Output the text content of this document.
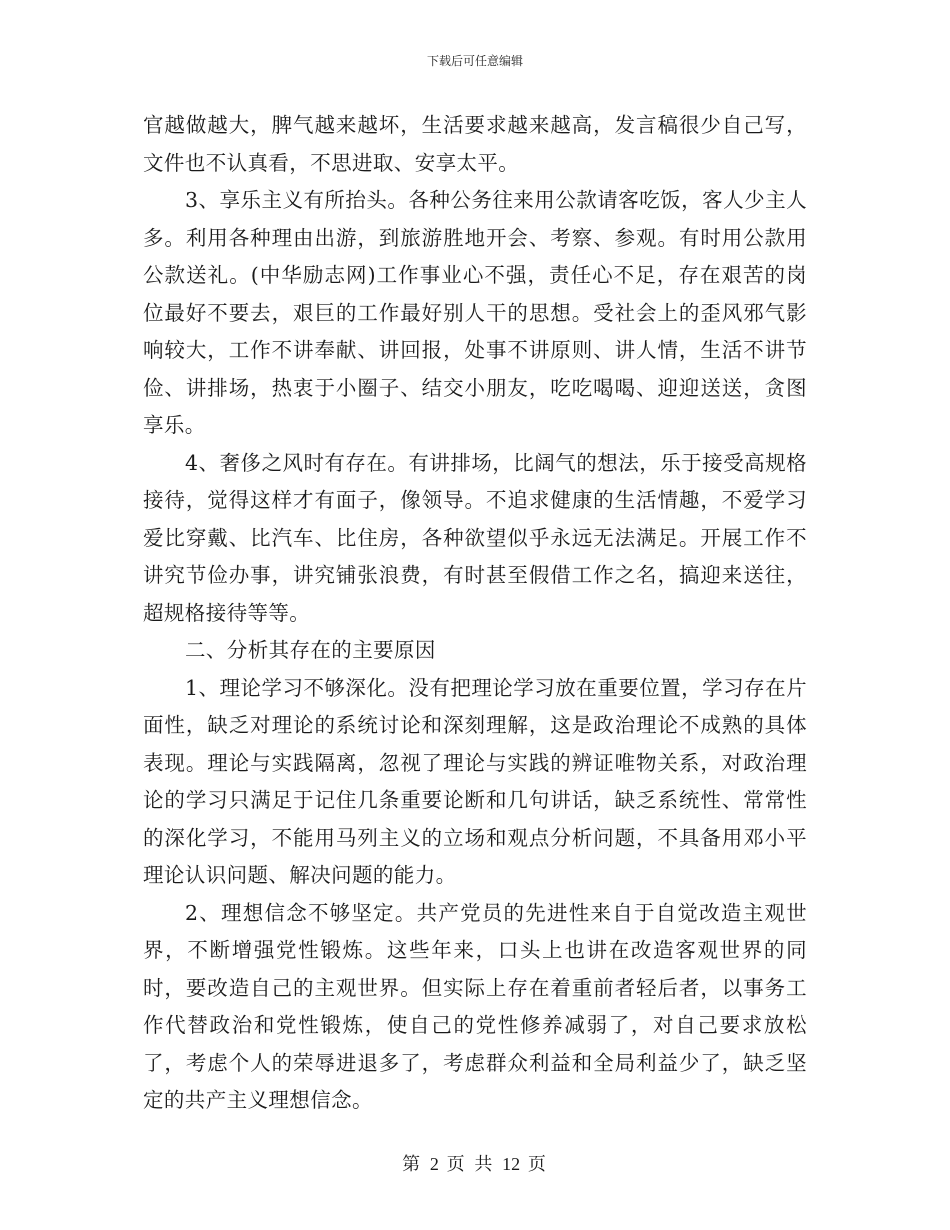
下载后可任意编辑

官越做越大，脾气越来越坏，生活要求越来越高，发言稿很少自己写，文件也不认真看，不思进取、安享太平。

3、享乐主义有所抬头。各种公务往来用公款请客吃饭，客人少主人多。利用各种理由出游，到旅游胜地开会、考察、参观。有时用公款用公款送礼。(中华励志网)工作事业心不强，责任心不足，存在艰苦的岗位最好不要去，艰巨的工作最好别人干的思想。受社会上的歪风邪气影响较大，工作不讲奉献、讲回报，处事不讲原则、讲人情，生活不讲节俭、讲排场，热衷于小圈子、结交小朋友，吃吃喝喝、迎迎送送，贪图享乐。

4、奢侈之风时有存在。有讲排场，比阔气的想法，乐于接受高规格接待，觉得这样才有面子，像领导。不追求健康的生活情趣，不爱学习爱比穿戴、比汽车、比住房，各种欲望似乎永远无法满足。开展工作不讲究节俭办事，讲究铺张浪费，有时甚至假借工作之名，搞迎来送往，超规格接待等等。

二、分析其存在的主要原因

1、理论学习不够深化。没有把理论学习放在重要位置，学习存在片面性，缺乏对理论的系统讨论和深刻理解，这是政治理论不成熟的具体表现。理论与实践隔离，忽视了理论与实践的辨证唯物关系，对政治理论的学习只满足于记住几条重要论断和几句讲话，缺乏系统性、常常性的深化学习，不能用马列主义的立场和观点分析问题，不具备用邓小平理论认识问题、解决问题的能力。

2、理想信念不够坚定。共产党员的先进性来自于自觉改造主观世界，不断增强党性锻炼。这些年来，口头上也讲在改造客观世界的同时，要改造自己的主观世界。但实际上存在着重前者轻后者，以事务工作代替政治和党性锻炼，使自己的党性修养减弱了，对自己要求放松了，考虑个人的荣辱进退多了，考虑群众利益和全局利益少了，缺乏坚定的共产主义理想信念。

第 2 页 共 12 页
